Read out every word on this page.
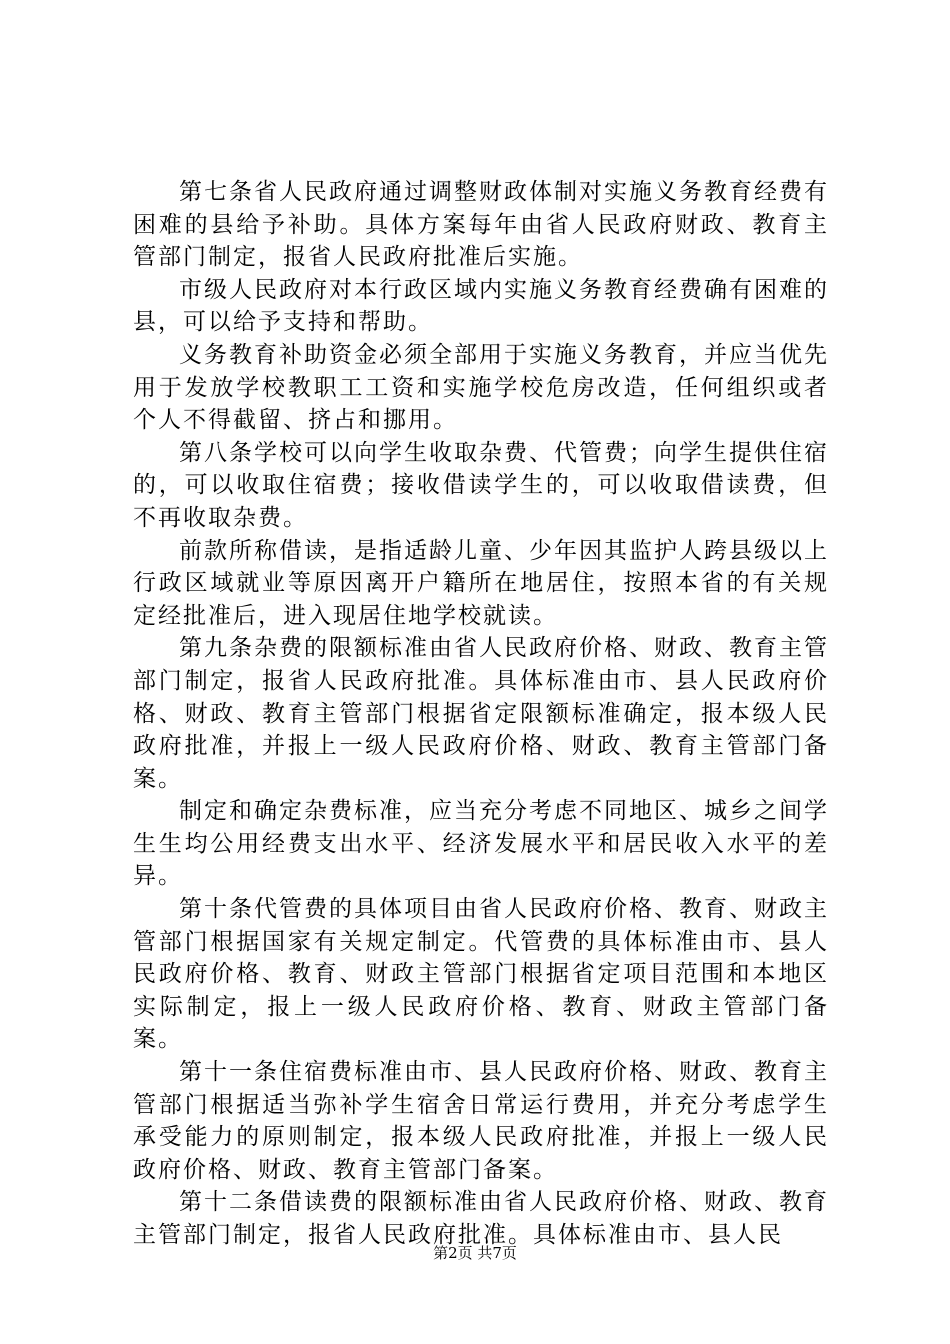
第七条省人民政府通过调整财政体制对实施义务教育经费有困难的县给予补助。具体方案每年由省人民政府财政、教育主管部门制定，报省人民政府批准后实施。

市级人民政府对本行政区域内实施义务教育经费确有困难的县，可以给予支持和帮助。

义务教育补助资金必须全部用于实施义务教育，并应当优先用于发放学校教职工工资和实施学校危房改造，任何组织或者个人不得截留、挤占和挪用。

第八条学校可以向学生收取杂费、代管费；向学生提供住宿的，可以收取住宿费；接收借读学生的，可以收取借读费，但不再收取杂费。

前款所称借读，是指适龄儿童、少年因其监护人跨县级以上行政区域就业等原因离开户籍所在地居住，按照本省的有关规定经批准后，进入现居住地学校就读。

第九条杂费的限额标准由省人民政府价格、财政、教育主管部门制定，报省人民政府批准。具体标准由市、县人民政府价格、财政、教育主管部门根据省定限额标准确定，报本级人民政府批准，并报上一级人民政府价格、财政、教育主管部门备案。

制定和确定杂费标准，应当充分考虑不同地区、城乡之间学生生均公用经费支出水平、经济发展水平和居民收入水平的差异。

第十条代管费的具体项目由省人民政府价格、教育、财政主管部门根据国家有关规定制定。代管费的具体标准由市、县人民政府价格、教育、财政主管部门根据省定项目范围和本地区实际制定，报上一级人民政府价格、教育、财政主管部门备案。

第十一条住宿费标准由市、县人民政府价格、财政、教育主管部门根据适当弥补学生宿舍日常运行费用，并充分考虑学生承受能力的原则制定，报本级人民政府批准，并报上一级人民政府价格、财政、教育主管部门备案。

第十二条借读费的限额标准由省人民政府价格、财政、教育主管部门制定，报省人民政府批准。具体标准由市、县人民

第2页 共7页
